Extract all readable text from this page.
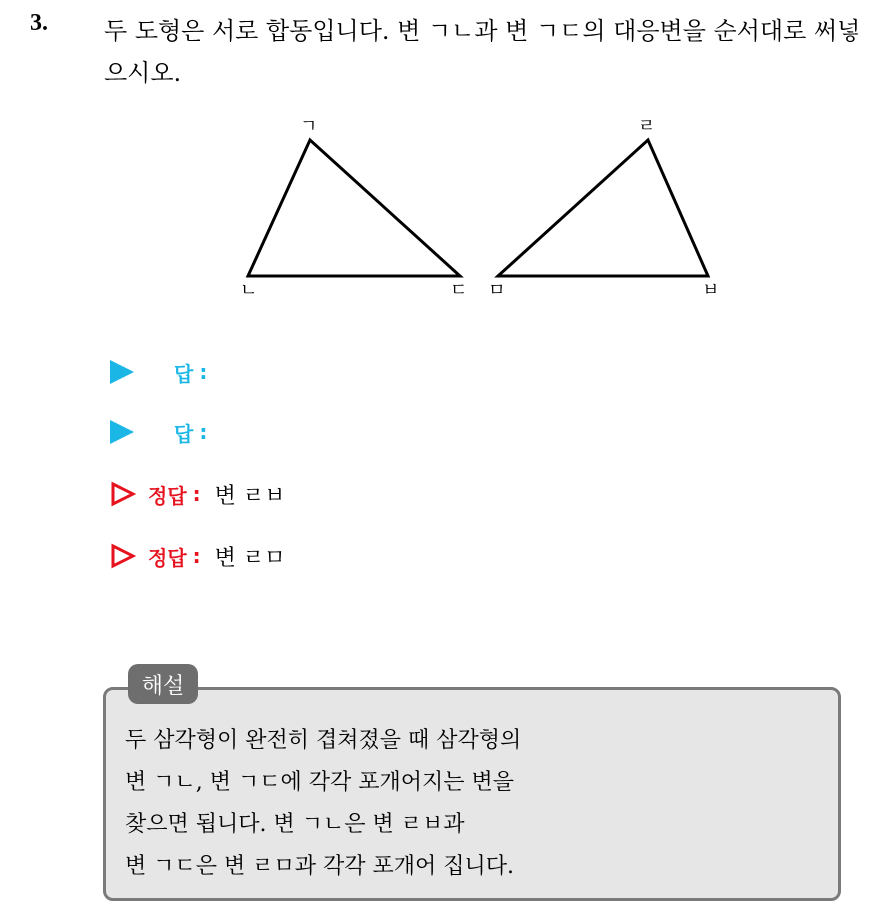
3. 두 도형은 서로 합동입니다. 변 ㄱㄴ과 변 ㄱㄷ의 대응변을 순서대로 써넣으시오.
ㄱ
ㄴ	ㄷ
ㄹ
ㅁ	ㅂ
답 :
답 :
정답 : 변 ㄹㅂ
정답 : 변 ㄹㅁ
해설
두 삼각형이 완전히 겹쳐졌을 때 삼각형의
변 ㄱㄴ, 변 ㄱㄷ에 각각 포개어지는 변을
찾으면 됩니다. 변 ㄱㄴ은 변 ㄹㅂ과
변 ㄱㄷ은 변 ㄹㅁ과 각각 포개어 집니다.
